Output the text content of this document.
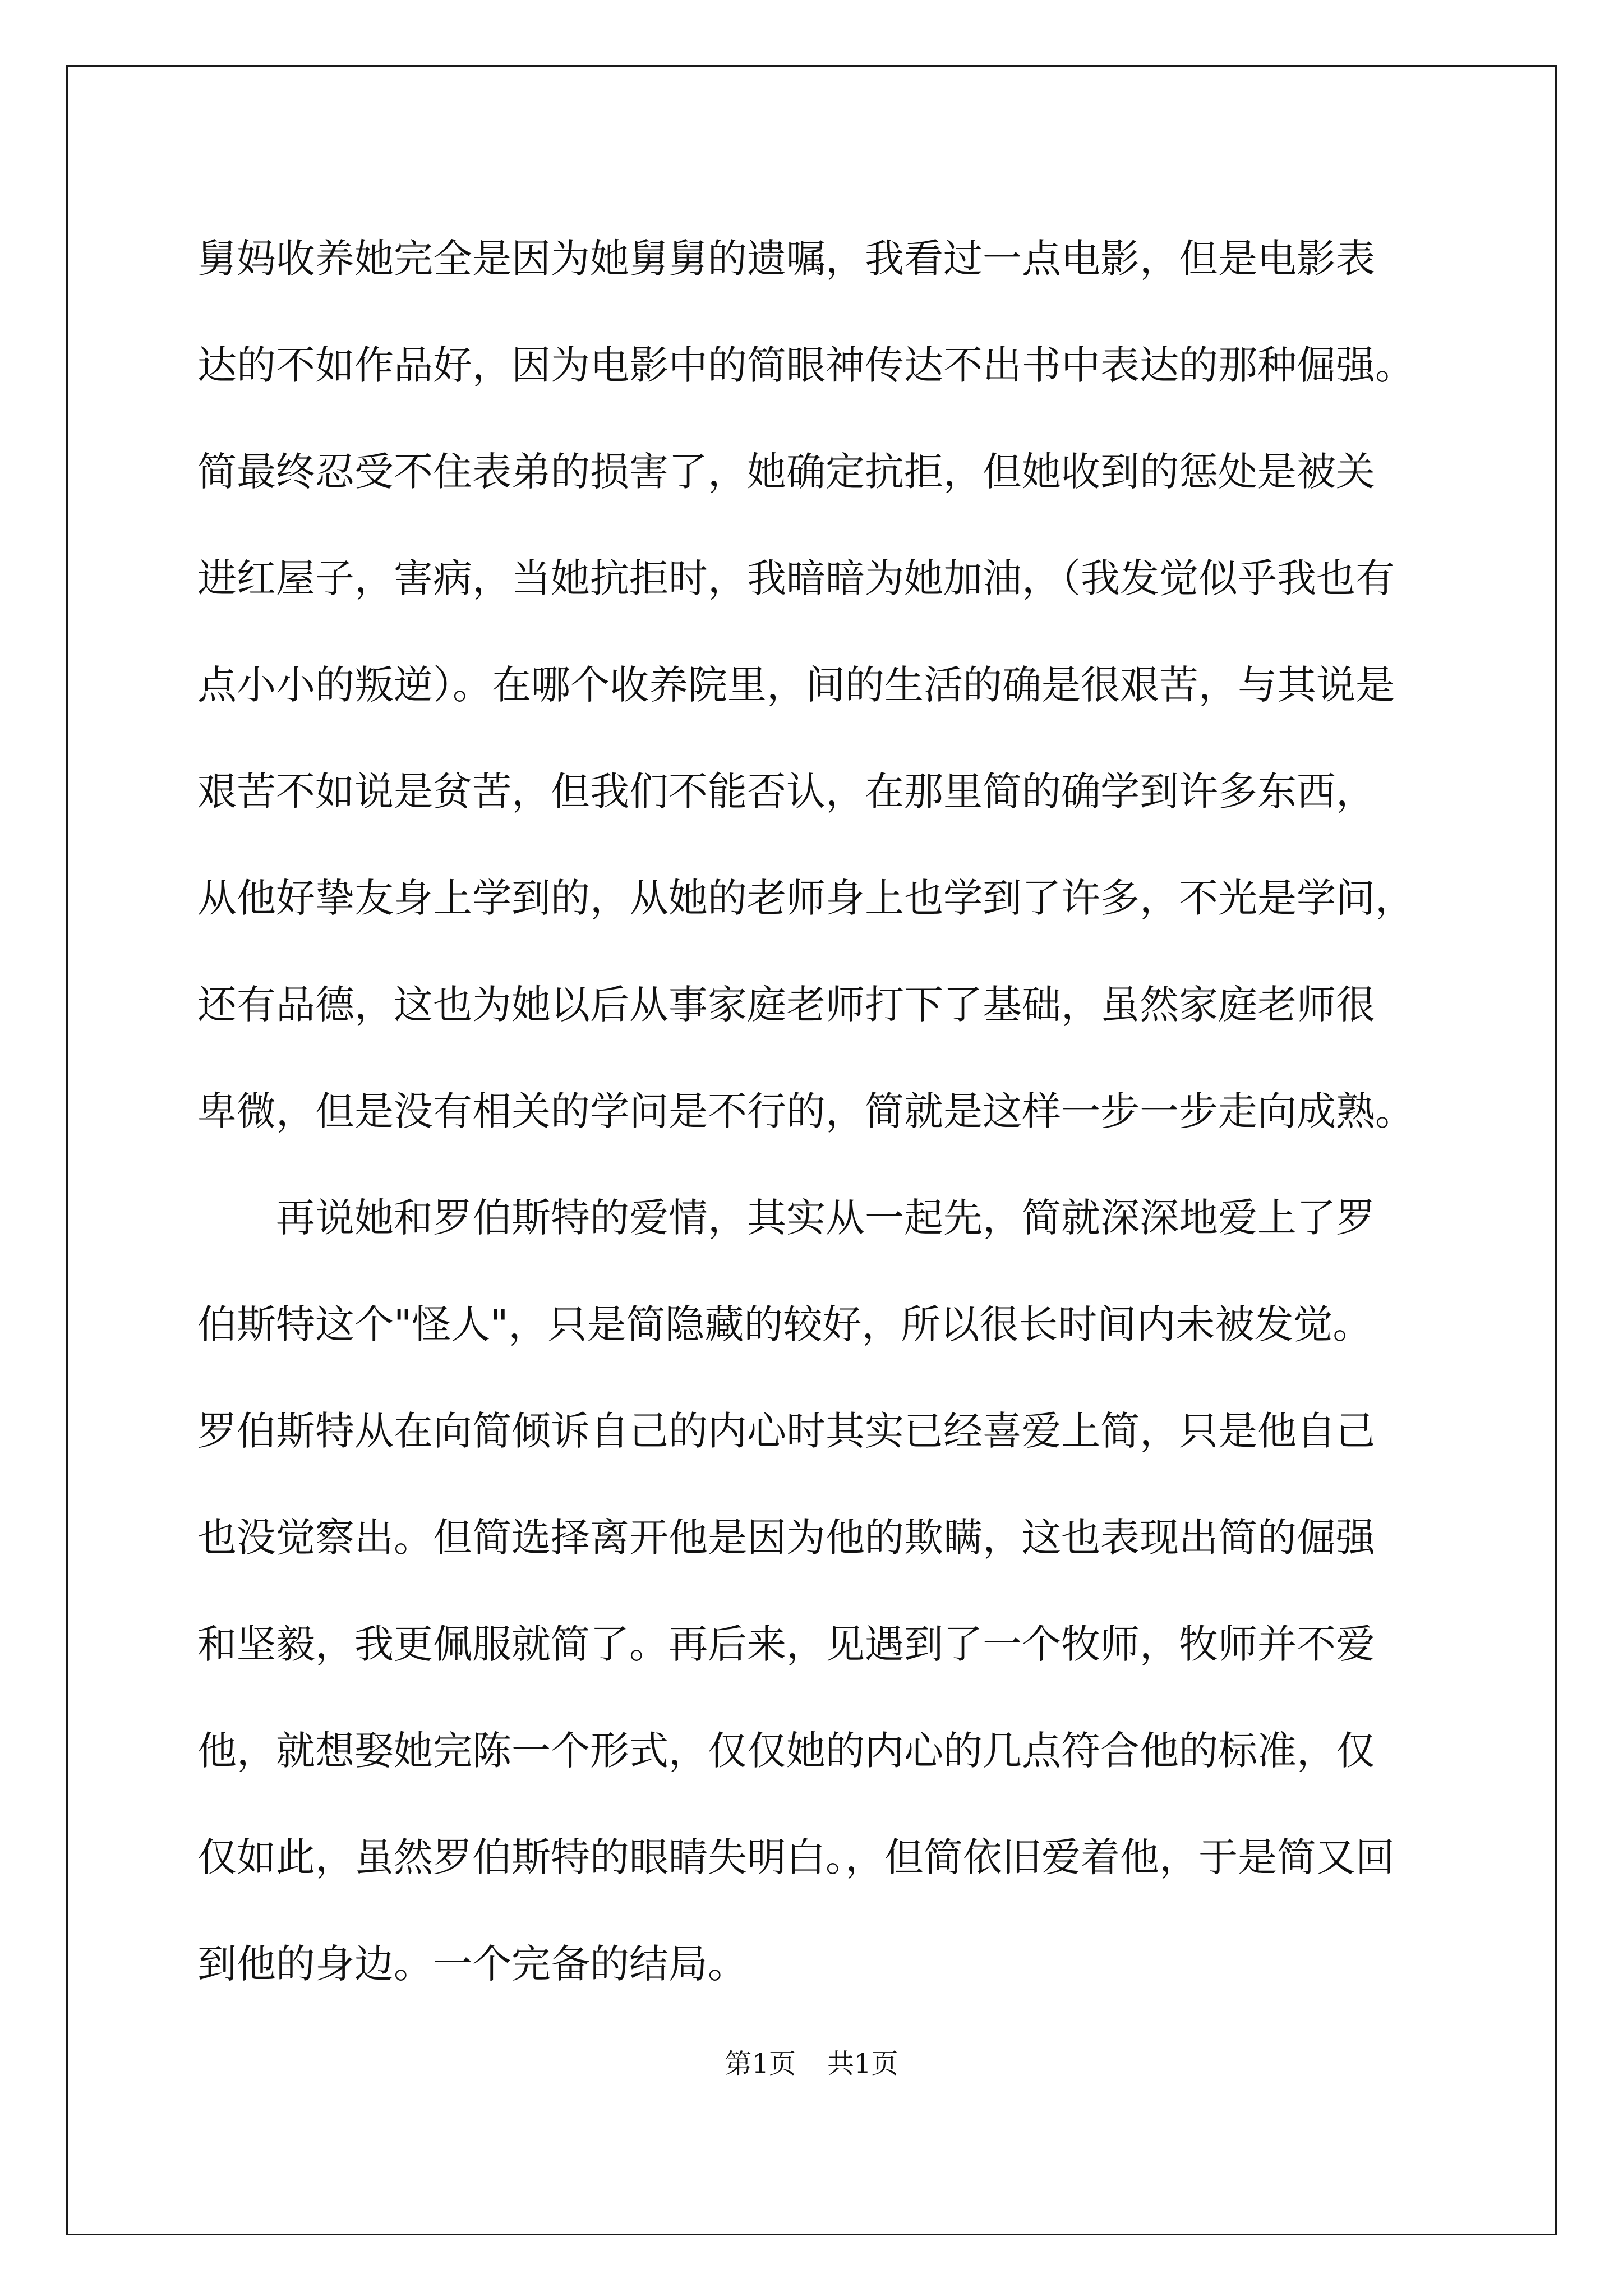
舅妈收养她完全是因为她舅舅的遗嘱，我看过一点电影，但是电影表
达的不如作品好，因为电影中的简眼神传达不出书中表达的那种倔强。
简最终忍受不住表弟的损害了，她确定抗拒，但她收到的惩处是被关
进红屋子，害病，当她抗拒时，我暗暗为她加油，（我发觉似乎我也有
点小小的叛逆）。在哪个收养院里，间的生活的确是很艰苦，与其说是
艰苦不如说是贫苦，但我们不能否认，在那里简的确学到许多东西，
从他好挚友身上学到的，从她的老师身上也学到了许多，不光是学问，
还有品德，这也为她以后从事家庭老师打下了基础，虽然家庭老师很
卑微，但是没有相关的学问是不行的，简就是这样一步一步走向成熟。
再说她和罗伯斯特的爱情，其实从一起先，简就深深地爱上了罗
伯斯特这个"怪人"，只是简隐藏的较好，所以很长时间内未被发觉。
罗伯斯特从在向简倾诉自己的内心时其实已经喜爱上简，只是他自己
也没觉察出。但简选择离开他是因为他的欺瞒，这也表现出简的倔强
和坚毅，我更佩服就简了。再后来，见遇到了一个牧师，牧师并不爱
他，就想娶她完陈一个形式，仅仅她的内心的几点符合他的标准，仅
仅如此，虽然罗伯斯特的眼睛失明白。，但简依旧爱着他，于是简又回
到他的身边。一个完备的结局。
第1页 共1页
